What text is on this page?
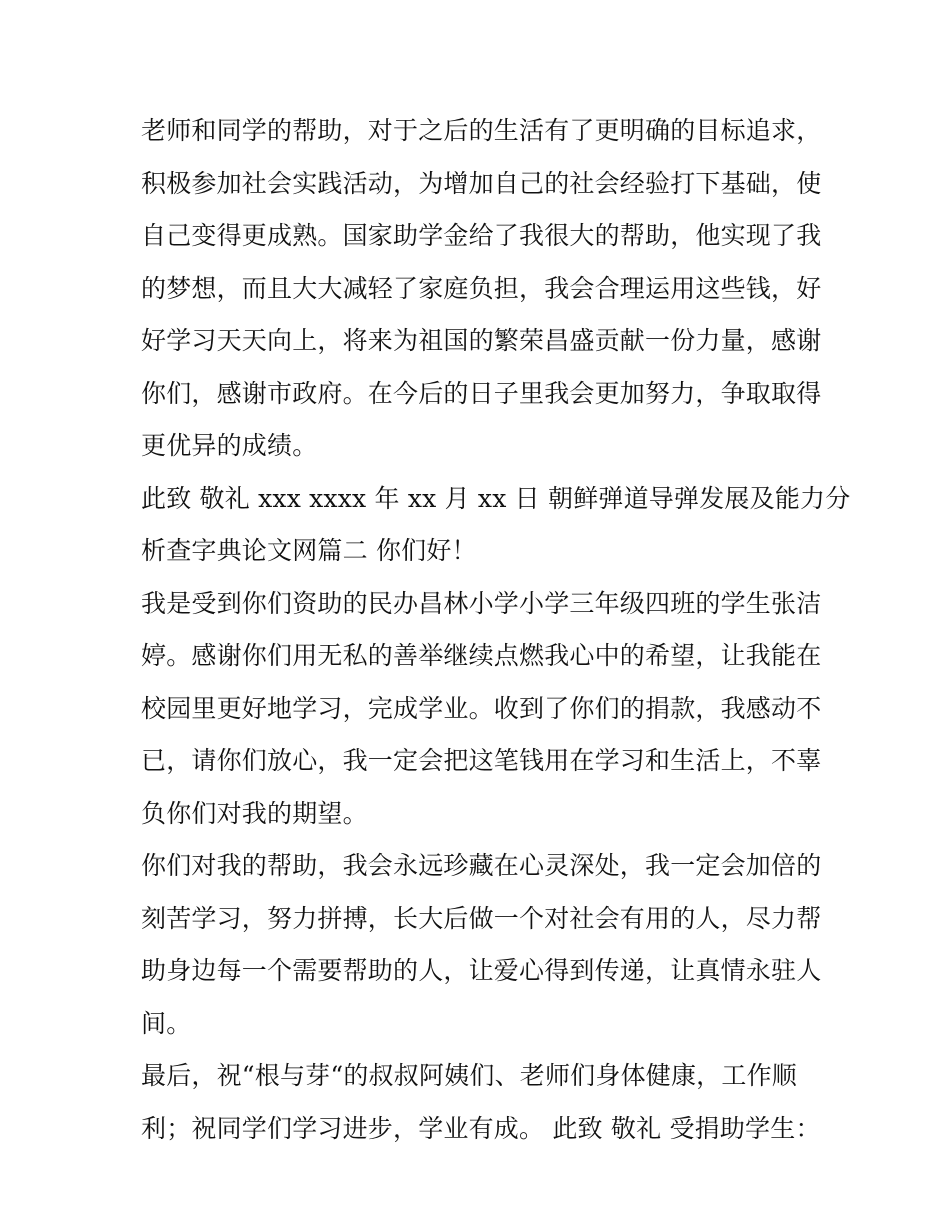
老师和同学的帮助，对于之后的生活有了更明确的目标追求，
积极参加社会实践活动，为增加自己的社会经验打下基础，使
自己变得更成熟。国家助学金给了我很大的帮助，他实现了我
的梦想，而且大大减轻了家庭负担，我会合理运用这些钱，好
好学习天天向上，将来为祖国的繁荣昌盛贡献一份力量，感谢
你们，感谢市政府。在今后的日子里我会更加努力，争取取得
更优异的成绩。

此致 敬礼 xxx xxxx 年 xx 月 xx 日 朝鲜弹道导弹发展及能力分
析查字典论文网篇二 你们好！

我是受到你们资助的民办昌林小学小学三年级四班的学生张洁
婷。感谢你们用无私的善举继续点燃我心中的希望，让我能在
校园里更好地学习，完成学业。收到了你们的捐款，我感动不
已，请你们放心，我一定会把这笔钱用在学习和生活上，不辜
负你们对我的期望。

你们对我的帮助，我会永远珍藏在心灵深处，我一定会加倍的
刻苦学习，努力拼搏，长大后做一个对社会有用的人，尽力帮
助身边每一个需要帮助的人，让爱心得到传递，让真情永驻人
间。

最后，祝“根与芽“的叔叔阿姨们、老师们身体健康，工作顺
利；祝同学们学习进步，学业有成。 此致 敬礼 受捐助学生：
